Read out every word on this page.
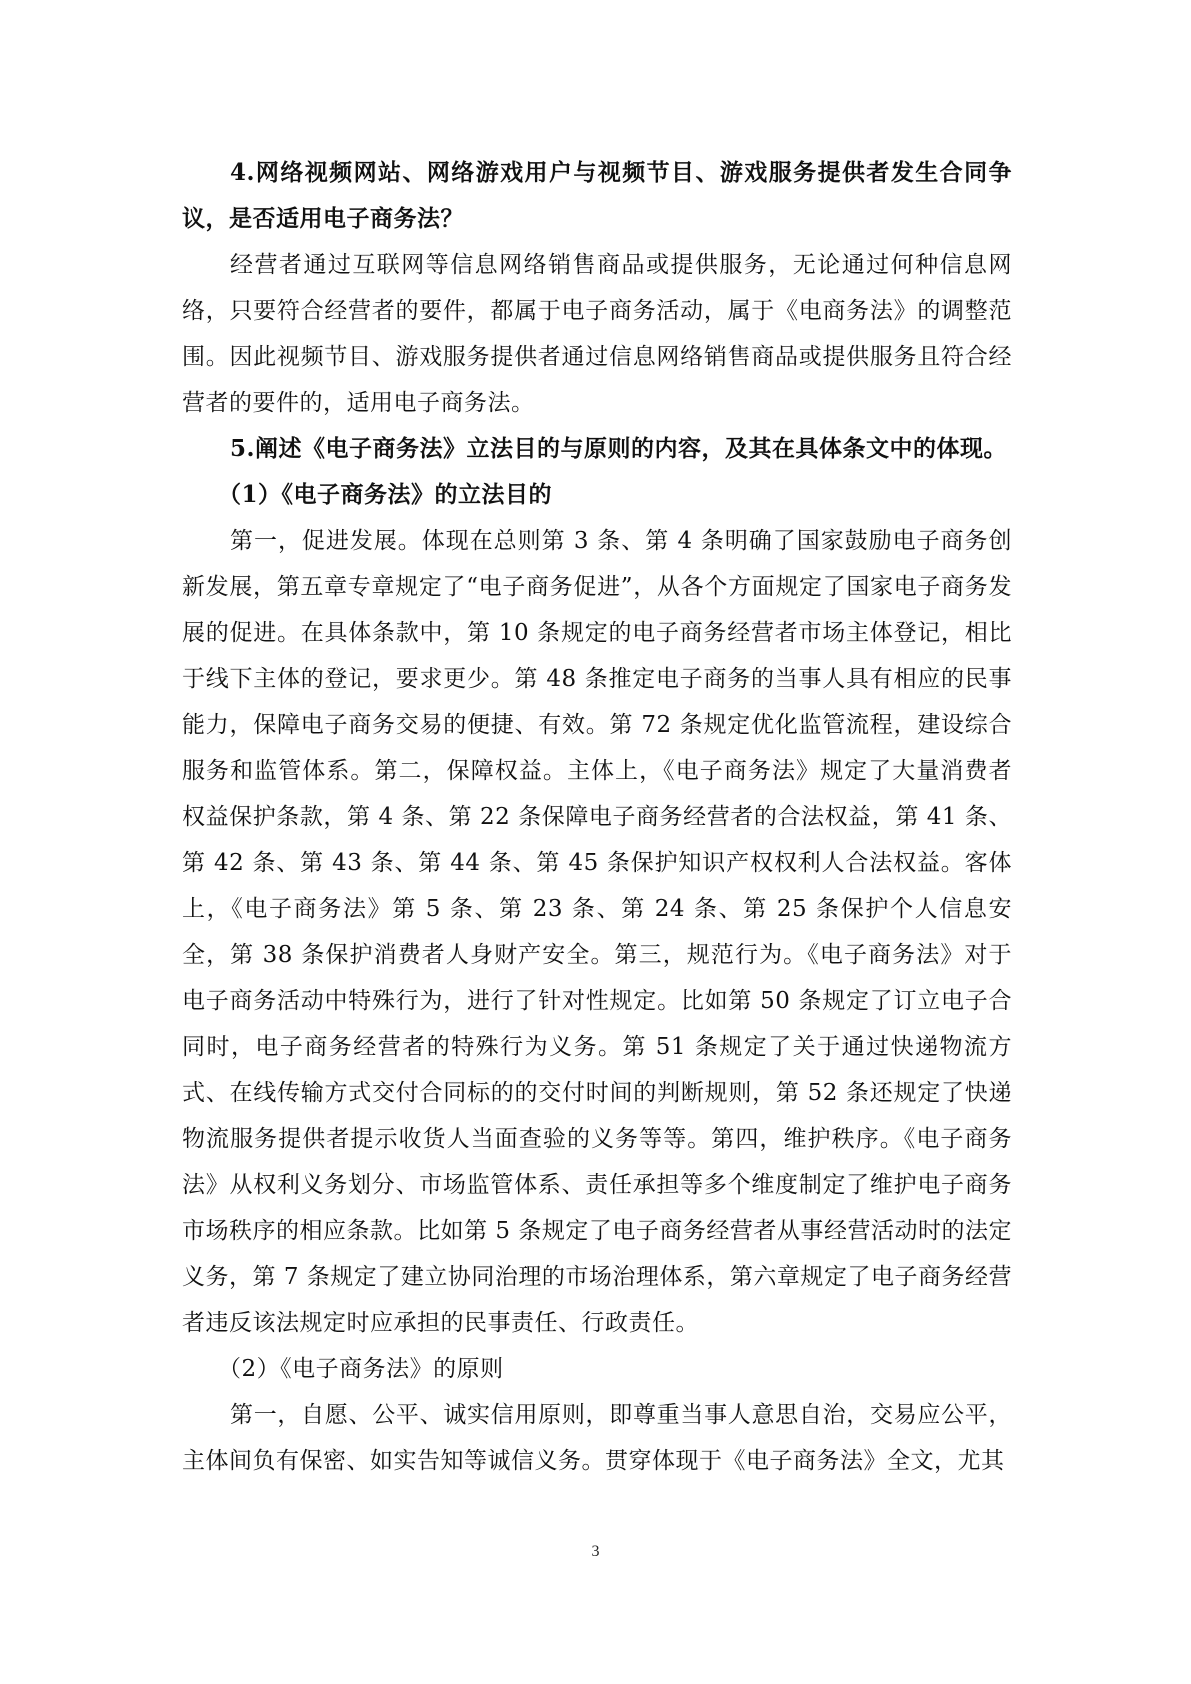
4.网络视频网站、网络游戏用户与视频节目、游戏服务提供者发生合同争议，是否适用电子商务法？

经营者通过互联网等信息网络销售商品或提供服务，无论通过何种信息网络，只要符合经营者的要件，都属于电子商务活动，属于《电商务法》的调整范围。因此视频节目、游戏服务提供者通过信息网络销售商品或提供服务且符合经营者的要件的，适用电子商务法。

5.阐述《电子商务法》立法目的与原则的内容，及其在具体条文中的体现。

（1）《电子商务法》的立法目的

第一，促进发展。体现在总则第 3 条、第 4 条明确了国家鼓励电子商务创新发展，第五章专章规定了“电子商务促进”，从各个方面规定了国家电子商务发展的促进。在具体条款中，第 10 条规定的电子商务经营者市场主体登记，相比于线下主体的登记，要求更少。第 48 条推定电子商务的当事人具有相应的民事能力，保障电子商务交易的便捷、有效。第 72 条规定优化监管流程，建设综合服务和监管体系。第二，保障权益。主体上，《电子商务法》规定了大量消费者权益保护条款，第 4 条、第 22 条保障电子商务经营者的合法权益，第 41 条、第 42 条、第 43 条、第 44 条、第 45 条保护知识产权权利人合法权益。客体上，《电子商务法》第 5 条、第 23 条、第 24 条、第 25 条保护个人信息安全，第 38 条保护消费者人身财产安全。第三，规范行为。《电子商务法》对于电子商务活动中特殊行为，进行了针对性规定。比如第 50 条规定了订立电子合同时，电子商务经营者的特殊行为义务。第 51 条规定了关于通过快递物流方式、在线传输方式交付合同标的的交付时间的判断规则，第 52 条还规定了快递物流服务提供者提示收货人当面查验的义务等等。第四，维护秩序。《电子商务法》从权利义务划分、市场监管体系、责任承担等多个维度制定了维护电子商务市场秩序的相应条款。比如第 5 条规定了电子商务经营者从事经营活动时的法定义务，第 7 条规定了建立协同治理的市场治理体系，第六章规定了电子商务经营者违反该法规定时应承担的民事责任、行政责任。

（2）《电子商务法》的原则

第一，自愿、公平、诚实信用原则，即尊重当事人意思自治，交易应公平，主体间负有保密、如实告知等诚信义务。贯穿体现于《电子商务法》全文，尤其

3
